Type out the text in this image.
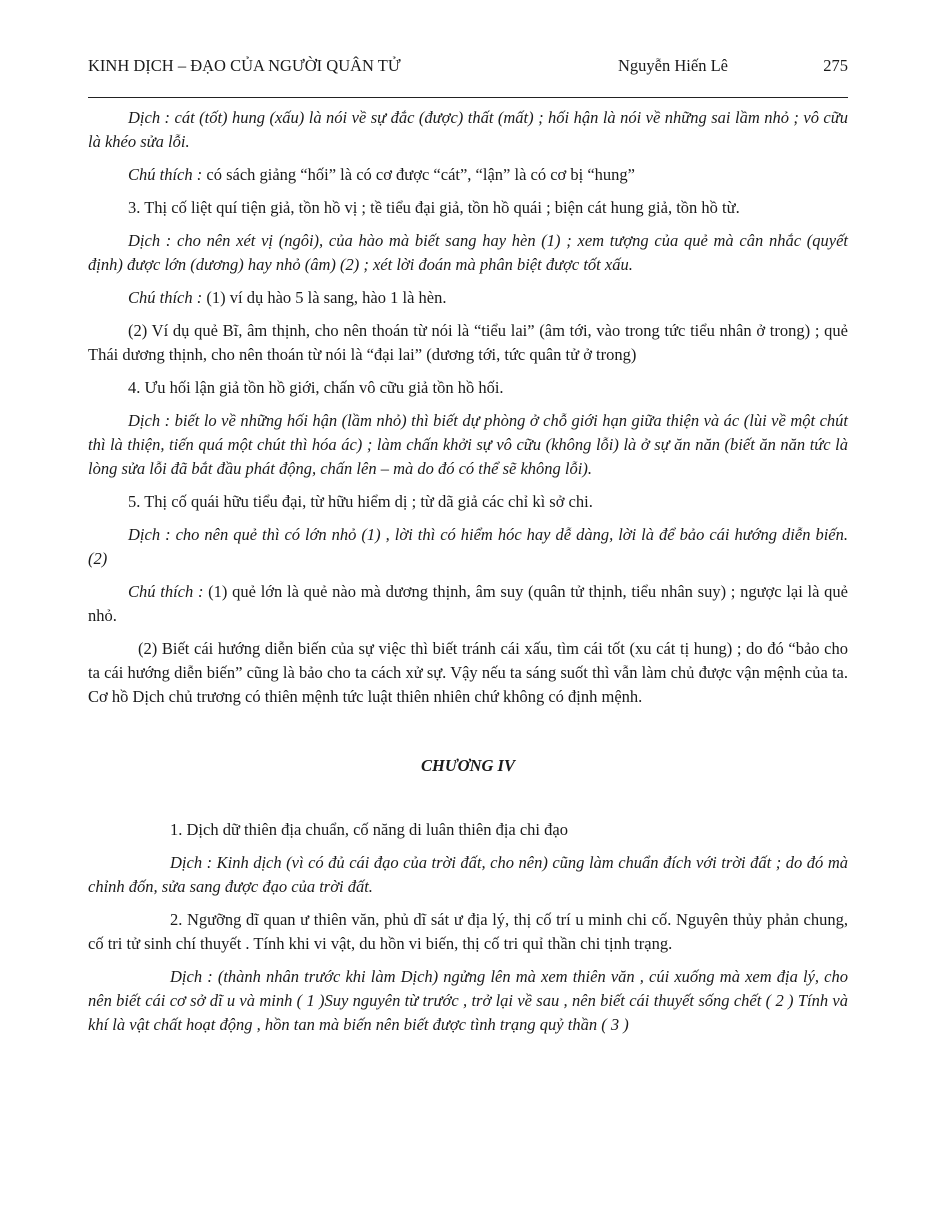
KINH DỊCH – ĐẠO CỦA NGƯỜI QUÂN TỬ	Nguyễn Hiến Lê	275

Dịch : cát (tốt) hung (xấu) là nói về sự đắc (được) thất (mất) ; hối hận là nói về những sai lầm nhỏ ; vô cữu là khéo sửa lỗi.

Chú thích : có sách giảng “hối” là có cơ được “cát”, “lận” là có cơ bị “hung”

3. Thị cố liệt quí tiện giả, tồn hồ vị ; tề tiểu đại giả, tồn hồ quái ; biện cát hung giả, tồn hồ từ.

Dịch : cho nên xét vị (ngôi), của hào mà biết sang hay hèn (1) ; xem tượng của quẻ mà cân nhắc (quyết định) được lớn (dương) hay nhỏ (âm) (2) ; xét lời đoán mà phân biệt được tốt xấu.

Chú thích : (1) ví dụ hào 5 là sang, hào 1 là hèn.

(2) Ví dụ quẻ Bĩ, âm thịnh, cho nên thoán từ nói là “tiểu lai” (âm tới, vào trong tức tiểu nhân ở trong) ; quẻ Thái dương thịnh, cho nên thoán từ nói là “đại lai” (dương tới, tức quân tử ở trong)

4. Ưu hối lận giả tồn hồ giới, chấn vô cữu giả tồn hồ hối.

Dịch : biết lo về những hối hận (lầm nhỏ) thì biết dự phòng ở chỗ giới hạn giữa thiện và ác (lùi về một chút thì là thiện, tiến quá một chút thì hóa ác) ; làm chấn khởi sự vô cữu (không lỗi) là ở sự ăn năn (biết ăn năn tức là lòng sửa lỗi đã bắt đầu phát động, chấn lên – mà do đó có thể sẽ không lỗi).

5. Thị cố quái hữu tiểu đại, từ hữu hiểm dị ; từ dã giả các chỉ kì sở chi.

Dịch : cho nên quẻ thì có lớn nhỏ (1) , lời thì có hiểm hóc hay dễ dàng, lời là để bảo cái hướng diễn biến. (2)

Chú thích : (1) quẻ lớn là quẻ nào mà dương thịnh, âm suy (quân tử thịnh, tiểu nhân suy) ; ngược lại là quẻ nhỏ.

(2) Biết cái hướng diễn biến của sự việc thì biết tránh cái xấu, tìm cái tốt (xu cát tị hung) ; do đó “bảo cho ta cái hướng diễn biến” cũng là bảo cho ta cách xử sự. Vậy nếu ta sáng suốt thì vẫn làm chủ được vận mệnh của ta. Cơ hồ Dịch chủ trương có thiên mệnh tức luật thiên nhiên chứ không có định mệnh.

CHƯƠNG IV

1. Dịch dữ thiên địa chuẩn, cố năng di luân thiên địa chi đạo

Dịch : Kinh dịch (vì có đủ cái đạo của trời đất, cho nên) cũng làm chuẩn đích với trời đất ; do đó mà chỉnh đốn, sửa sang được đạo của trời đất.

2. Ngưỡng dĩ quan ư thiên văn, phủ dĩ sát ư địa lý, thị cố trí u minh chi cố. Nguyên thủy phản chung, cố tri tử sinh chí thuyết . Tính khi vi vật, du hồn vi biến, thị cố tri quỉ thần chi tịnh trạng.

Dịch : (thành nhân trước khi làm Dịch) ngửng lên mà xem thiên văn , cúi xuống mà xem địa lý, cho nên biết cái cơ sở dĩ u và minh ( 1 )Suy nguyên từ trước , trở lại về sau , nên biết cái thuyết sống chết ( 2 ) Tính và khí là vật chất hoạt động , hồn tan mà biến nên biết được tình trạng quỷ thần ( 3 )
